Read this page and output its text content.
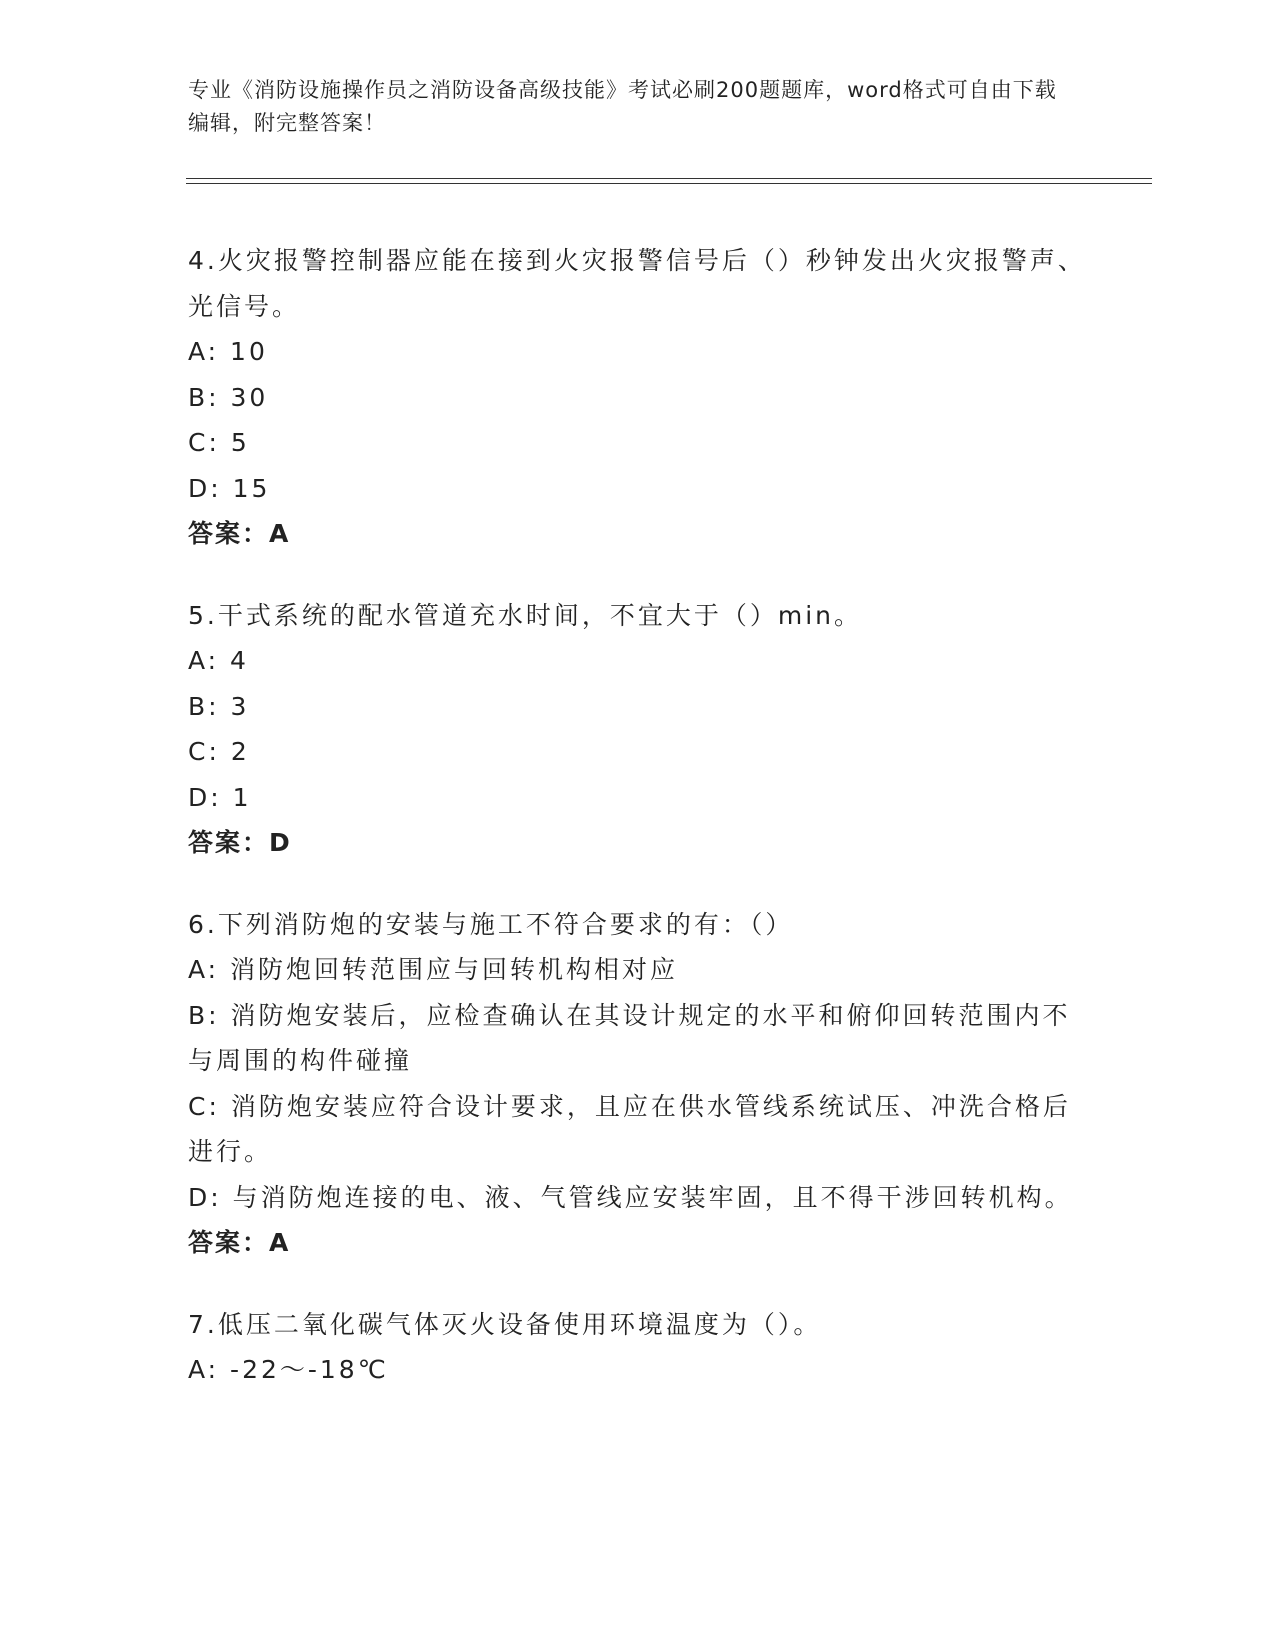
专业《消防设施操作员之消防设备高级技能》考试必刷200题题库，word格式可自由下载编辑，附完整答案！

4.火灾报警控制器应能在接到火灾报警信号后（）秒钟发出火灾报警声、光信号。

A: 10

B: 30

C: 5

D: 15

答案：A

5.干式系统的配水管道充水时间，不宜大于（）min。

A: 4

B: 3

C: 2

D: 1

答案：D

6.下列消防炮的安装与施工不符合要求的有：（）

A: 消防炮回转范围应与回转机构相对应

B: 消防炮安装后，应检查确认在其设计规定的水平和俯仰回转范围内不与周围的构件碰撞

C: 消防炮安装应符合设计要求，且应在供水管线系统试压、冲洗合格后进行。

D: 与消防炮连接的电、液、气管线应安装牢固，且不得干涉回转机构。

答案：A

7.低压二氧化碳气体灭火设备使用环境温度为（）。

A: -22～-18℃
